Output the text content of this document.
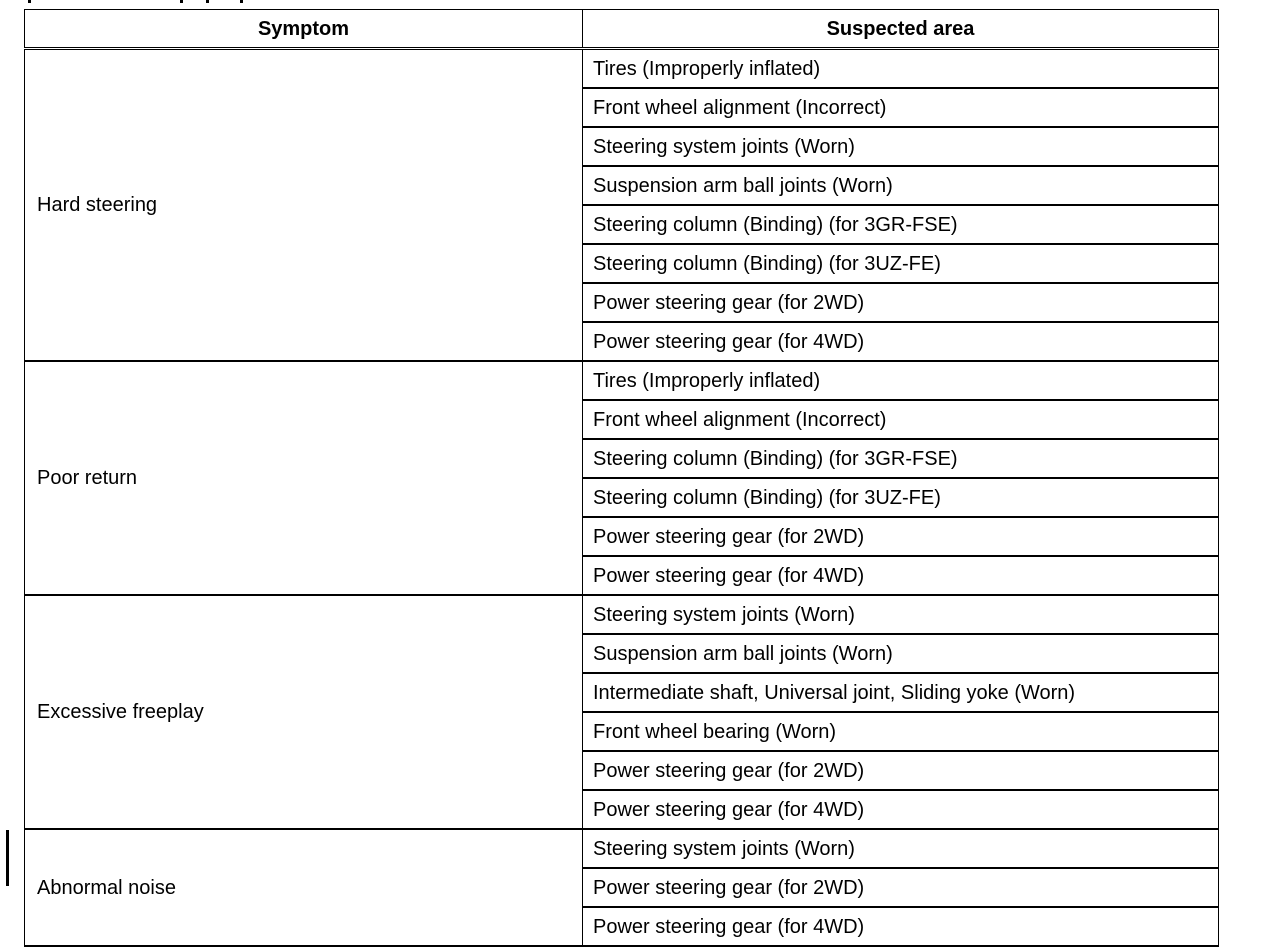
Symptom	Suspected area
Hard steering	Tires (Improperly inflated)
	Front wheel alignment (Incorrect)
	Steering system joints (Worn)
	Suspension arm ball joints (Worn)
	Steering column (Binding) (for 3GR-FSE)
	Steering column (Binding) (for 3UZ-FE)
	Power steering gear (for 2WD)
	Power steering gear (for 4WD)
Poor return	Tires (Improperly inflated)
	Front wheel alignment (Incorrect)
	Steering column (Binding) (for 3GR-FSE)
	Steering column (Binding) (for 3UZ-FE)
	Power steering gear (for 2WD)
	Power steering gear (for 4WD)
Excessive freeplay	Steering system joints (Worn)
	Suspension arm ball joints (Worn)
	Intermediate shaft, Universal joint, Sliding yoke (Worn)
	Front wheel bearing (Worn)
	Power steering gear (for 2WD)
	Power steering gear (for 4WD)
Abnormal noise	Steering system joints (Worn)
	Power steering gear (for 2WD)
	Power steering gear (for 4WD)
